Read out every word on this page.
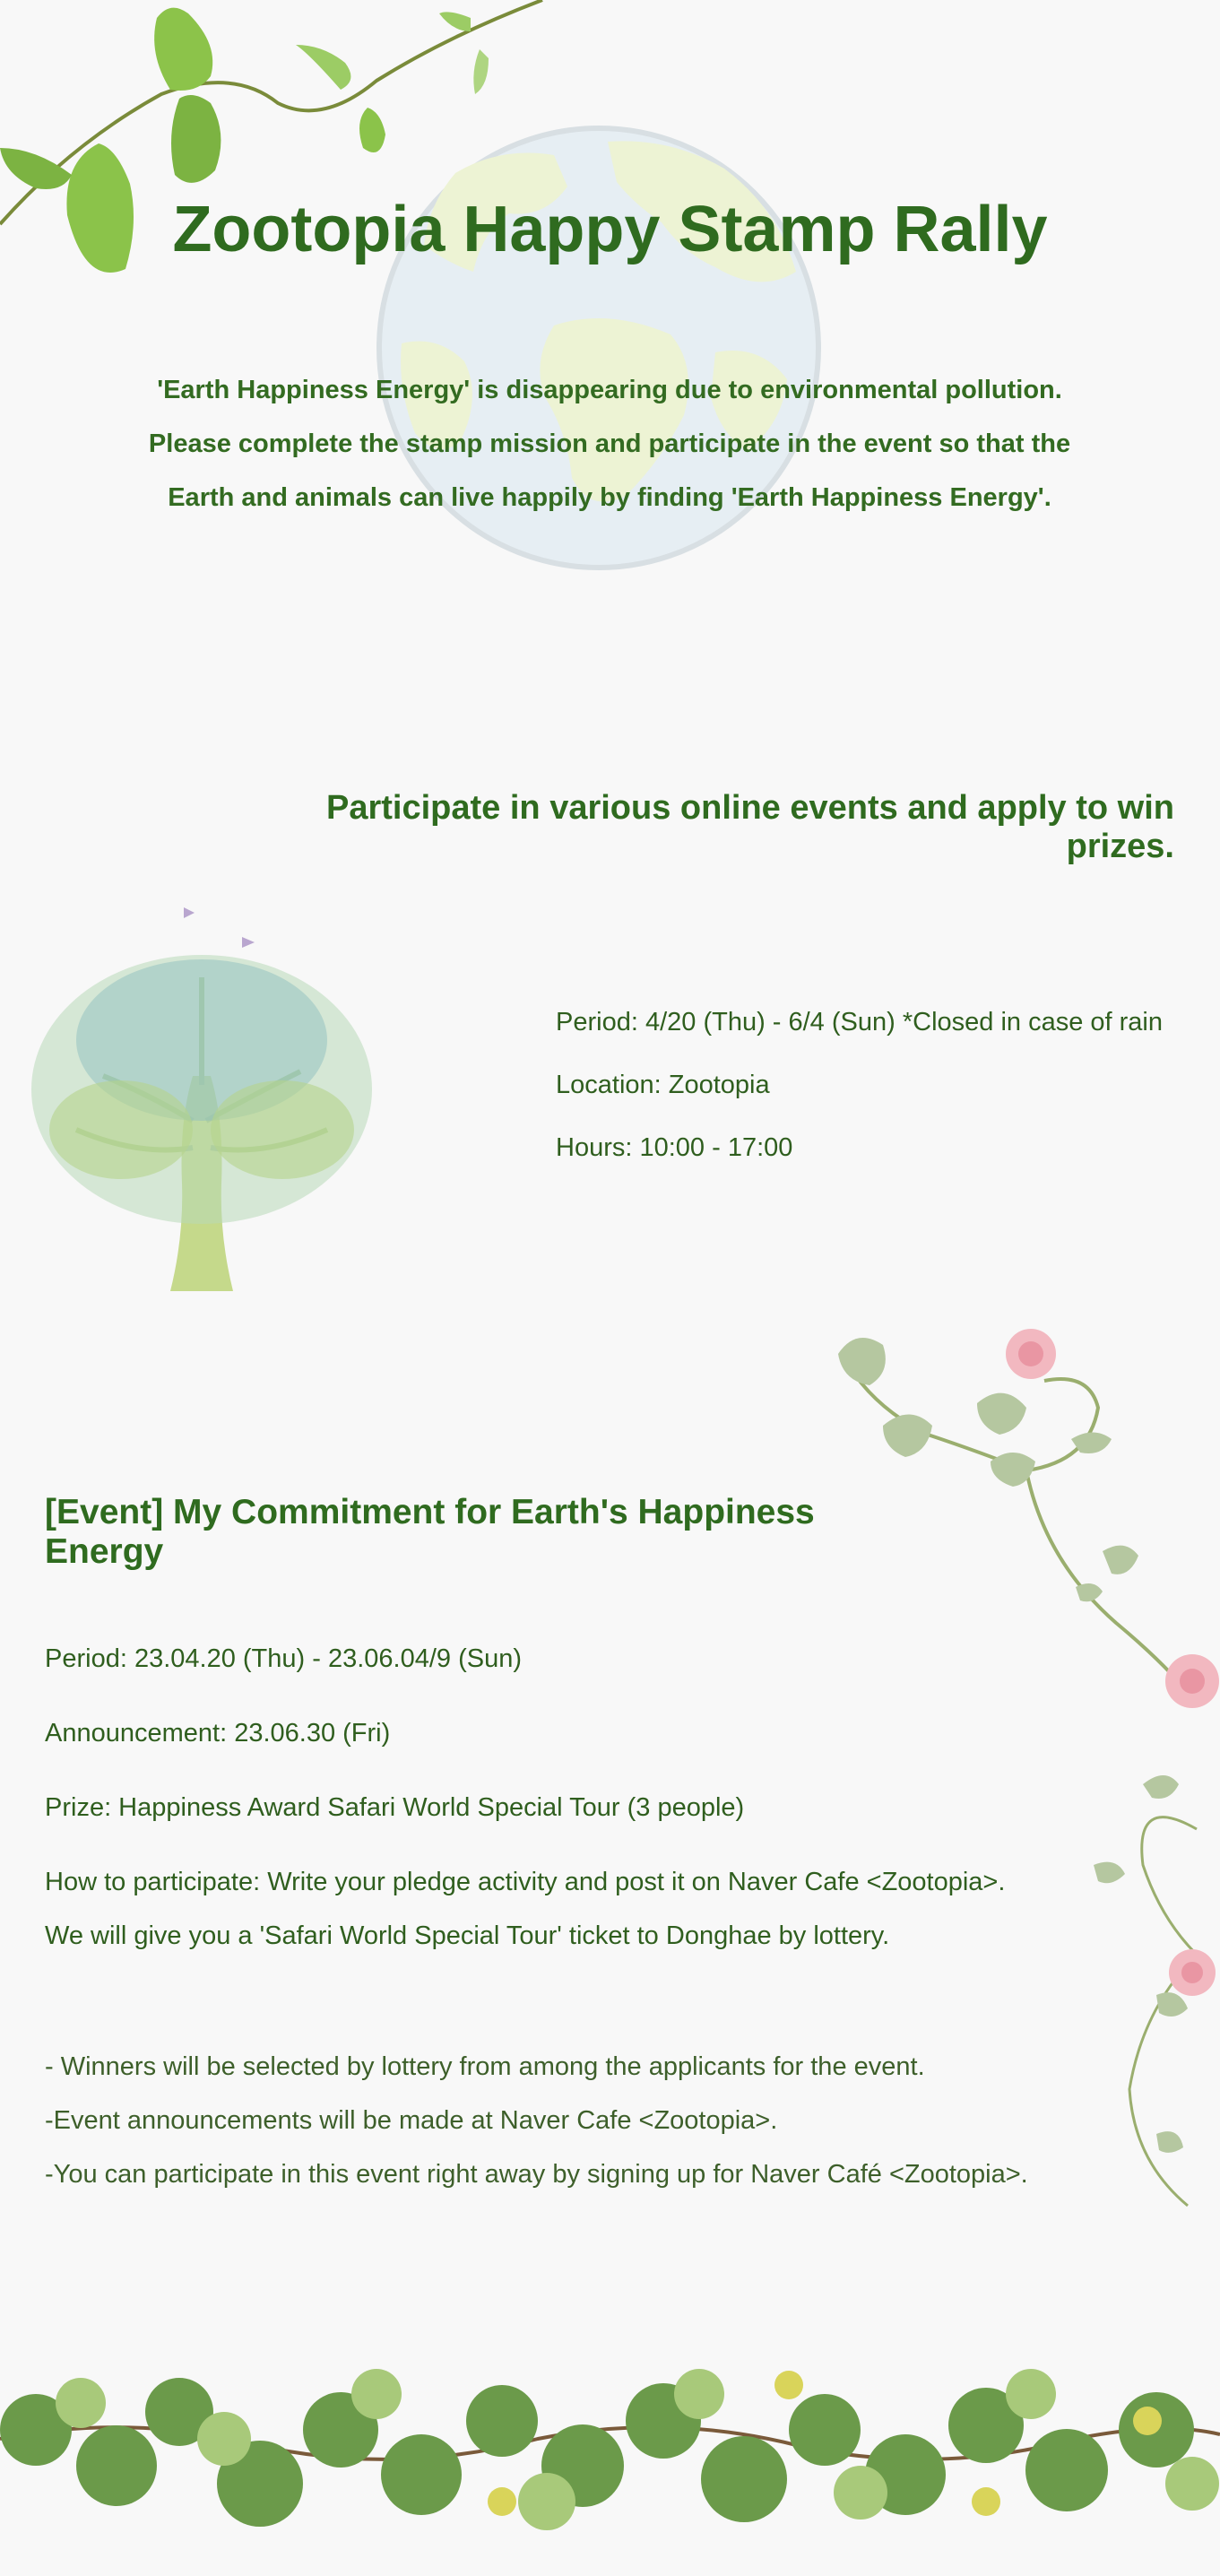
Zootopia Happy Stamp Rally

'Earth Happiness Energy' is disappearing due to environmental pollution.

Please complete the stamp mission and participate in the event so that the

Earth and animals can live happily by finding 'Earth Happiness Energy'.

Participate in various online events and apply to win prizes.
Period: 4/20 (Thu) - 6/4 (Sun) *Closed in case of rain
Location: Zootopia
Hours: 10:00 - 17:00
[Event] My Commitment for Earth's Happiness Energy
Period: 23.04.20 (Thu) - 23.06.04/9 (Sun)
Announcement: 23.06.30 (Fri)
Prize: Happiness Award Safari World Special Tour (3 people)
How to participate: Write your pledge activity and post it on Naver Cafe <Zootopia>.
We will give you a 'Safari World Special Tour' ticket to Donghae by lottery.
- Winners will be selected by lottery from among the applicants for the event.
-Event announcements will be made at Naver Cafe <Zootopia>.
-You can participate in this event right away by signing up for Naver Café <Zootopia>.
